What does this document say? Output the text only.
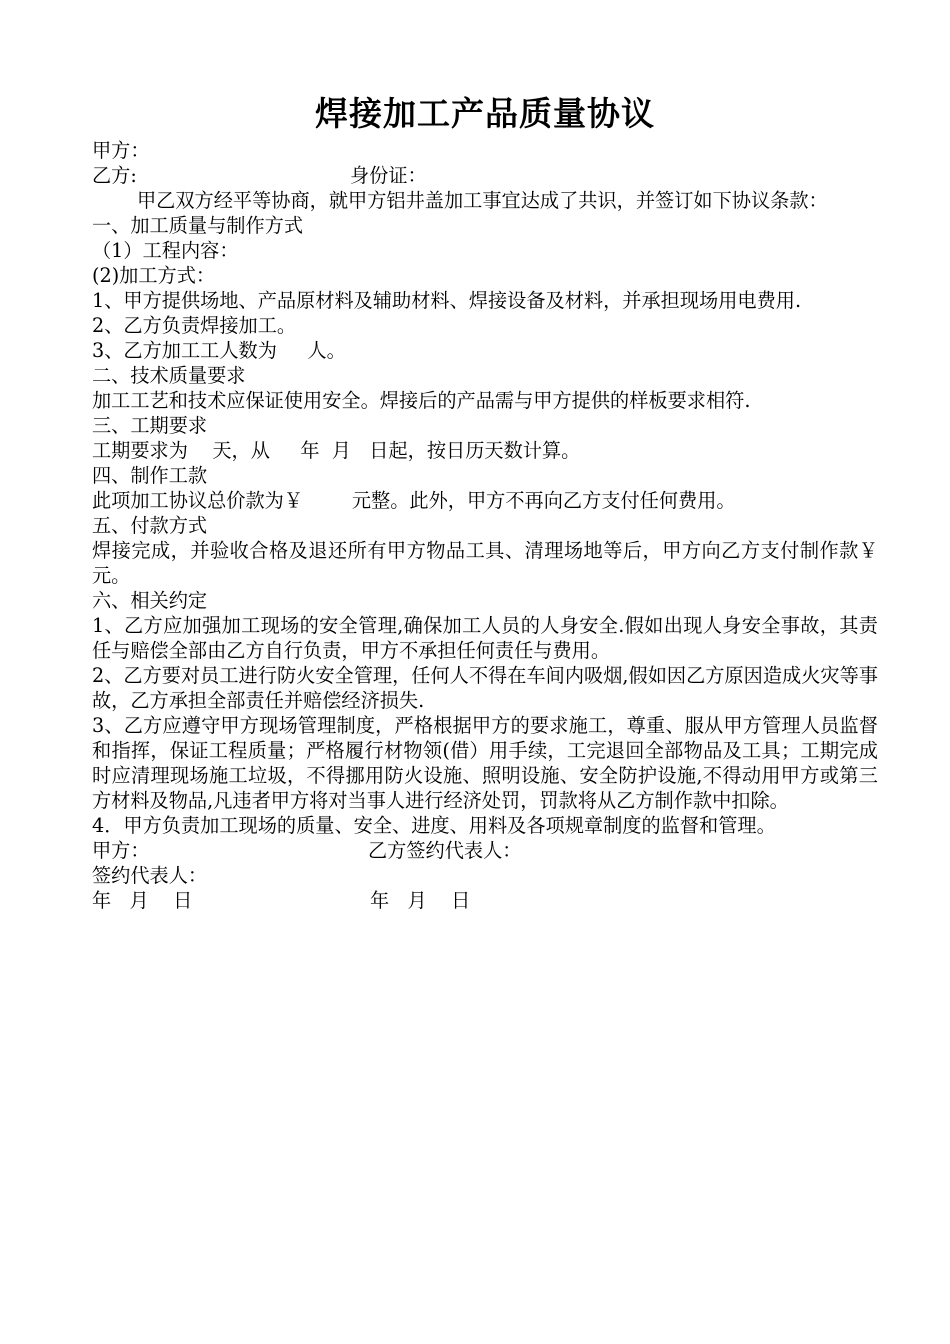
焊接加工产品质量协议

甲方：

乙方:	身份证：

甲乙双方经平等协商，就甲方铝井盖加工事宜达成了共识，并签订如下协议条款：

一、加工质量与制作方式

（1）工程内容：

(2)加工方式：

1、甲方提供场地、产品原材料及辅助材料、焊接设备及材料，并承担现场用电费用.

2、乙方负责焊接加工。

3、乙方加工工人数为     人。

二、技术质量要求

加工工艺和技术应保证使用安全。焊接后的产品需与甲方提供的样板要求相符.

三、工期要求

工期要求为    天，从     年  月   日起，按日历天数计算。

四、制作工款

此项加工协议总价款为￥        元整。此外，甲方不再向乙方支付任何费用。

五、付款方式

焊接完成，并验收合格及退还所有甲方物品工具、清理场地等后，甲方向乙方支付制作款￥         元。

六、相关约定

1、乙方应加强加工现场的安全管理,确保加工人员的人身安全.假如出现人身安全事故，其责任与赔偿全部由乙方自行负责，甲方不承担任何责任与费用。

2、乙方要对员工进行防火安全管理，任何人不得在车间内吸烟,假如因乙方原因造成火灾等事故，乙方承担全部责任并赔偿经济损失.

3、乙方应遵守甲方现场管理制度，严格根据甲方的要求施工，尊重、服从甲方管理人员监督和指挥，保证工程质量；严格履行材物领(借）用手续，工完退回全部物品及工具；工期完成时应清理现场施工垃圾，不得挪用防火设施、照明设施、安全防护设施,不得动用甲方或第三方材料及物品,凡违者甲方将对当事人进行经济处罚，罚款将从乙方制作款中扣除。

4．甲方负责加工现场的质量、安全、进度、用料及各项规章制度的监督和管理。

甲方：	乙方签约代表人：

签约代表人：

年   月    日	年   月    日
